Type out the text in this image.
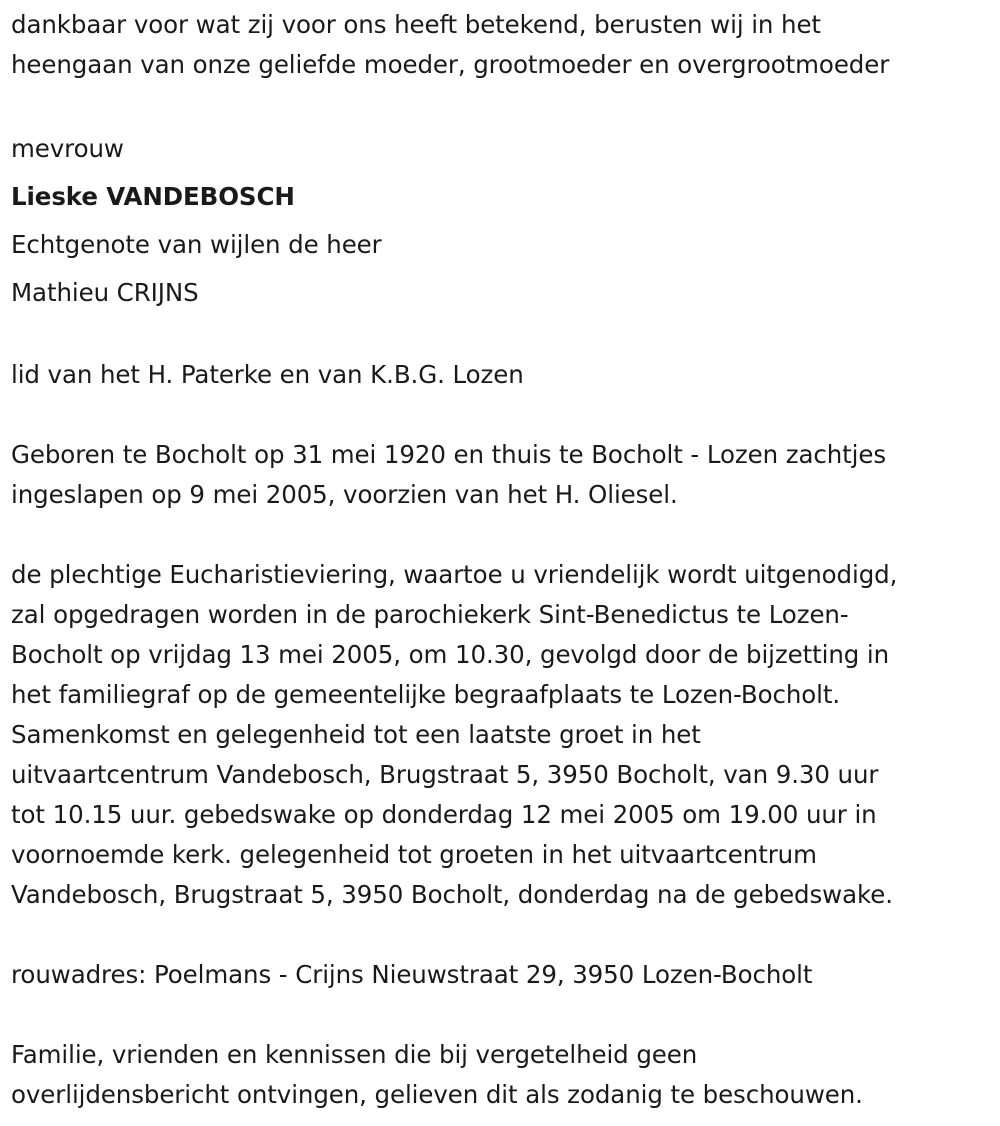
dankbaar voor wat zij voor ons heeft betekend, berusten wij in het
heengaan van onze geliefde moeder, grootmoeder en overgrootmoeder
mevrouw
Lieske VANDEBOSCH
Echtgenote van wijlen de heer
Mathieu CRIJNS
lid van het H. Paterke en van K.B.G. Lozen
Geboren te Bocholt op 31 mei 1920 en thuis te Bocholt - Lozen zachtjes
ingeslapen op 9 mei 2005, voorzien van het H. Oliesel.
de plechtige Eucharistieviering, waartoe u vriendelijk wordt uitgenodigd,
zal opgedragen worden in de parochiekerk Sint-Benedictus te Lozen-
Bocholt op vrijdag 13 mei 2005, om 10.30, gevolgd door de bijzetting in
het familiegraf op de gemeentelijke begraafplaats te Lozen-Bocholt.
Samenkomst en gelegenheid tot een laatste groet in het
uitvaartcentrum Vandebosch, Brugstraat 5, 3950 Bocholt, van 9.30 uur
tot 10.15 uur. gebedswake op donderdag 12 mei 2005 om 19.00 uur in
voornoemde kerk. gelegenheid tot groeten in het uitvaartcentrum
Vandebosch, Brugstraat 5, 3950 Bocholt, donderdag na de gebedswake.
rouwadres: Poelmans - Crijns Nieuwstraat 29, 3950 Lozen-Bocholt
Familie, vrienden en kennissen die bij vergetelheid geen
overlijdensbericht ontvingen, gelieven dit als zodanig te beschouwen.
